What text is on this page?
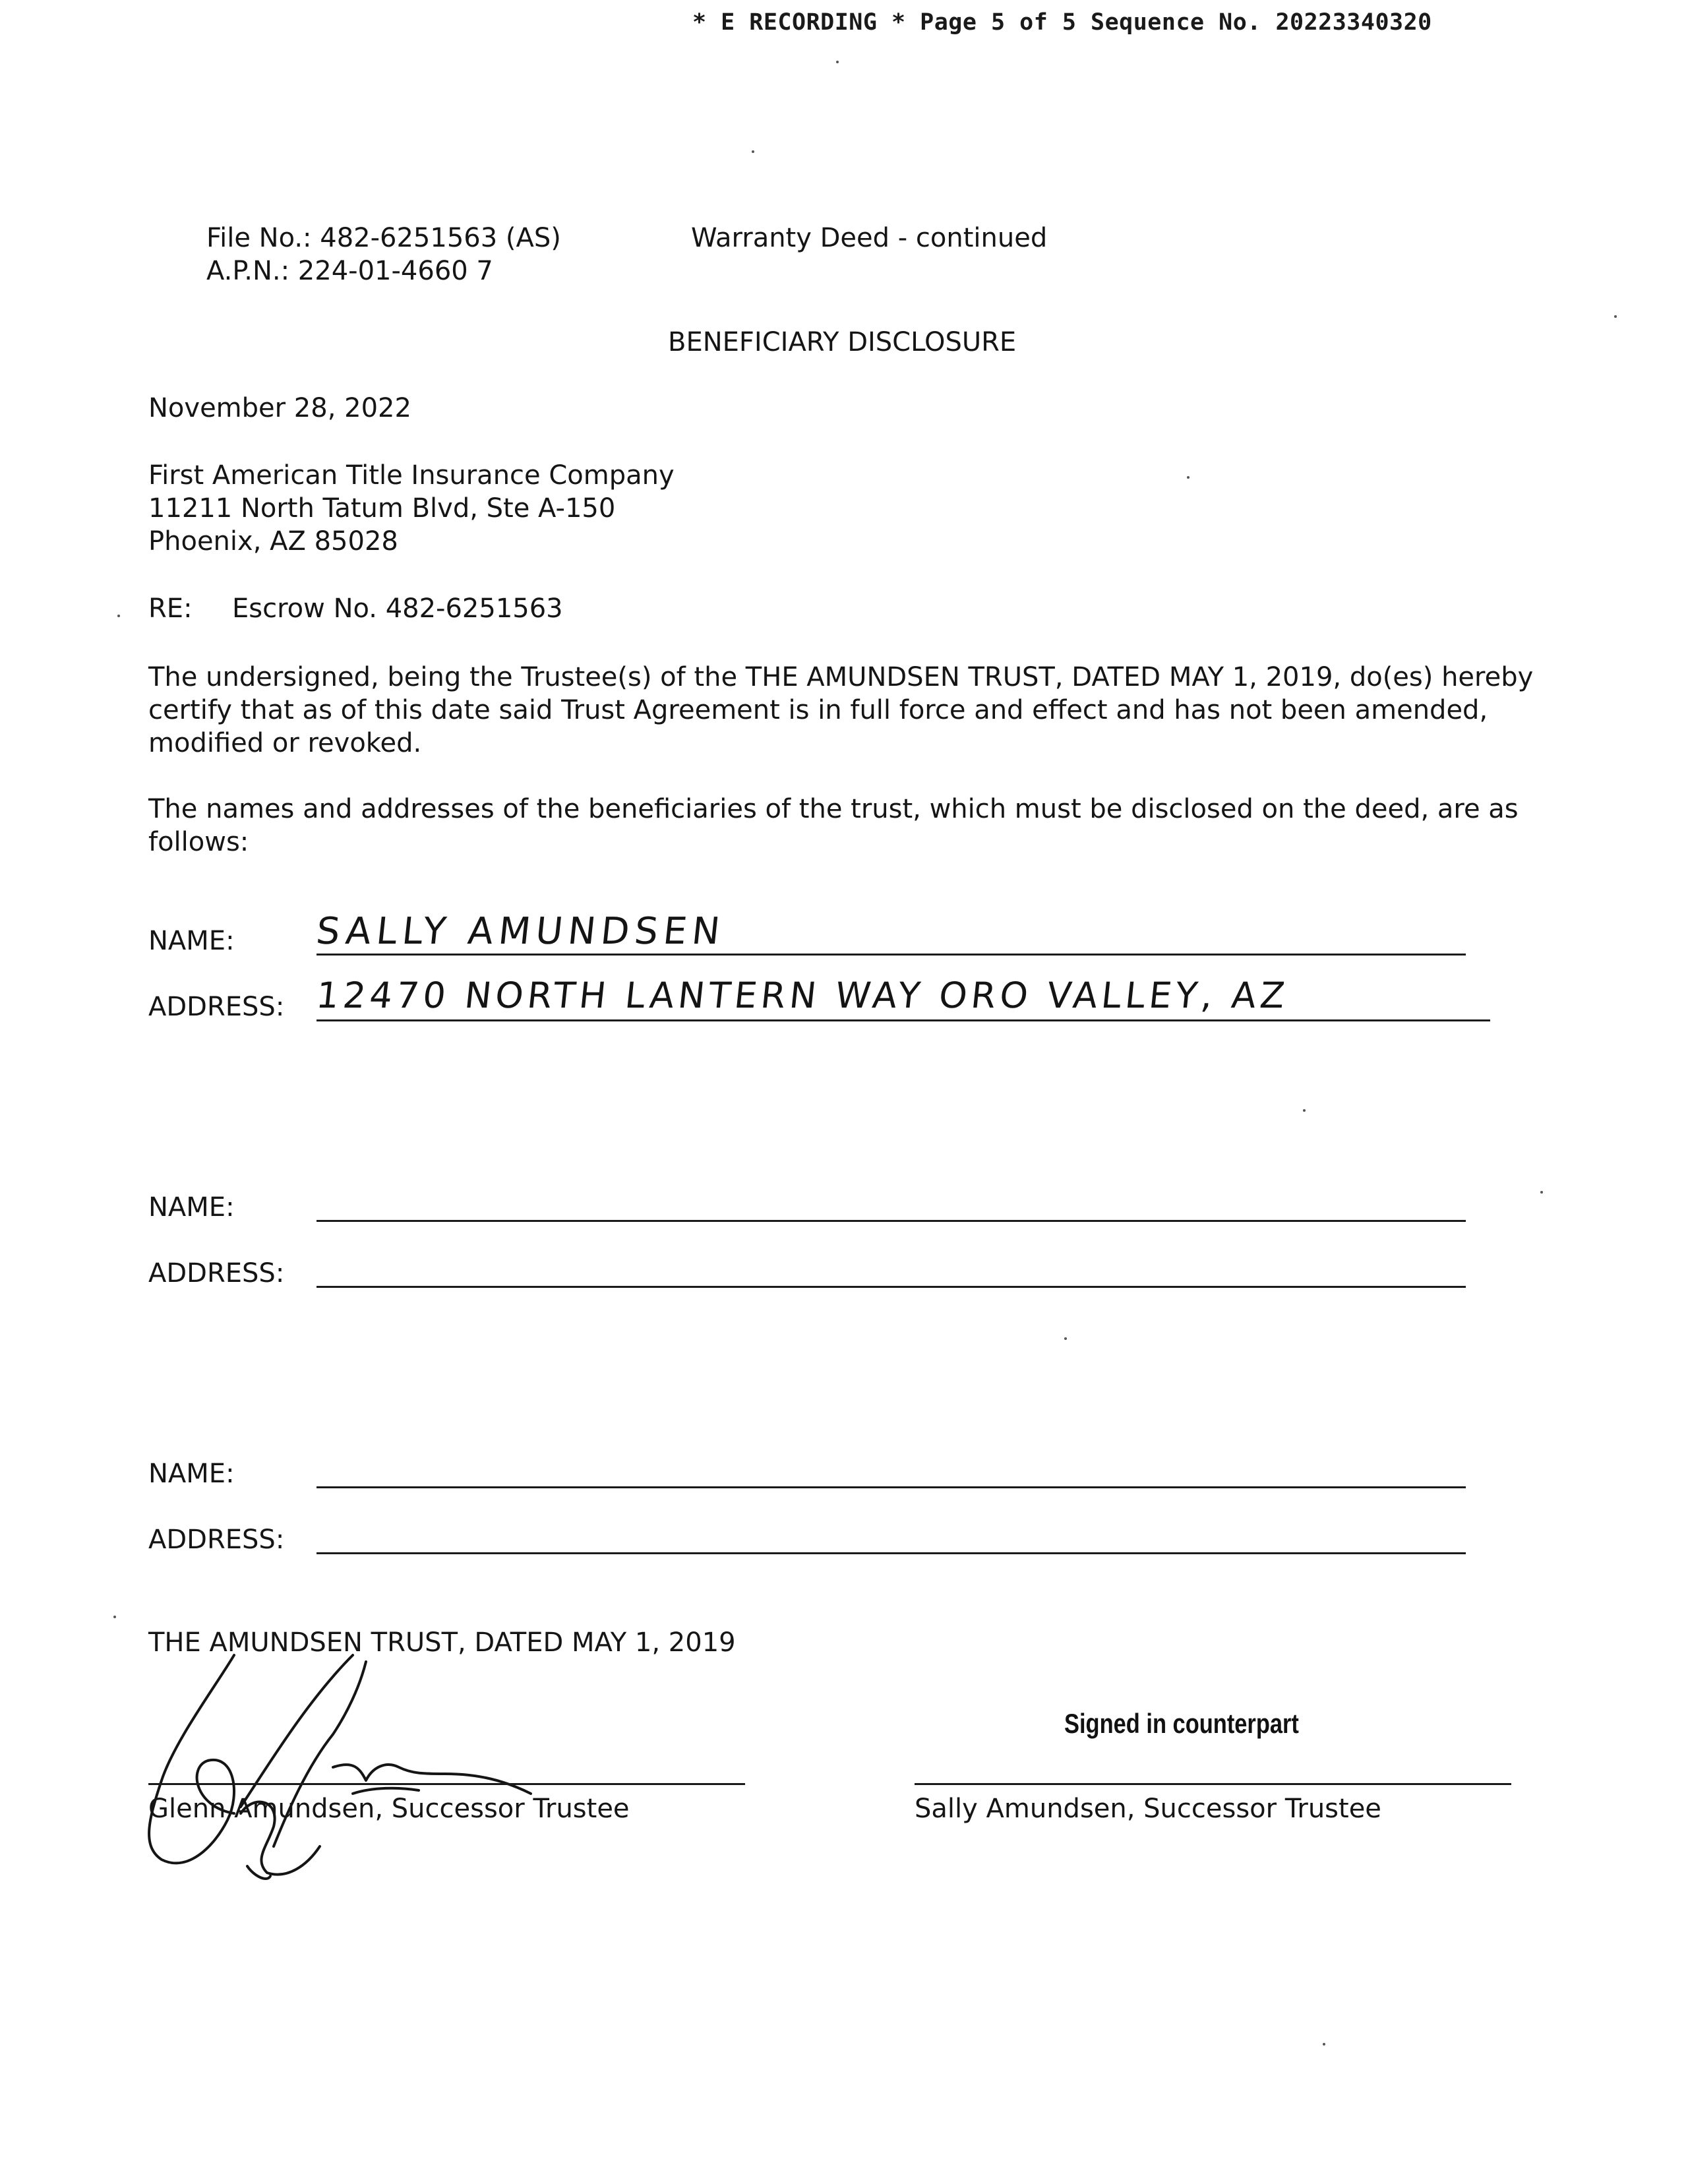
* E RECORDING * Page 5 of 5 Sequence No. 20223340320
File No.: 482-6251563 (AS)
A.P.N.: 224-01-4660 7
Warranty Deed - continued
BENEFICIARY DISCLOSURE
November 28, 2022
First American Title Insurance Company
11211 North Tatum Blvd, Ste A-150
Phoenix, AZ 85028
RE: Escrow No. 482-6251563
The undersigned, being the Trustee(s) of the THE AMUNDSEN TRUST, DATED MAY 1, 2019, do(es) hereby certify that as of this date said Trust Agreement is in full force and effect and has not been amended, modified or revoked.
The names and addresses of the beneficiaries of the trust, which must be disclosed on the deed, are as follows:
NAME: SALLY AMUNDSEN
ADDRESS: 12470 NORTH LANTERN WAY ORO VALLEY, AZ
NAME:
ADDRESS:
NAME:
ADDRESS:
THE AMUNDSEN TRUST, DATED MAY 1, 2019
Signed in counterpart
Glenn Amundsen, Successor Trustee	Sally Amundsen, Successor Trustee
